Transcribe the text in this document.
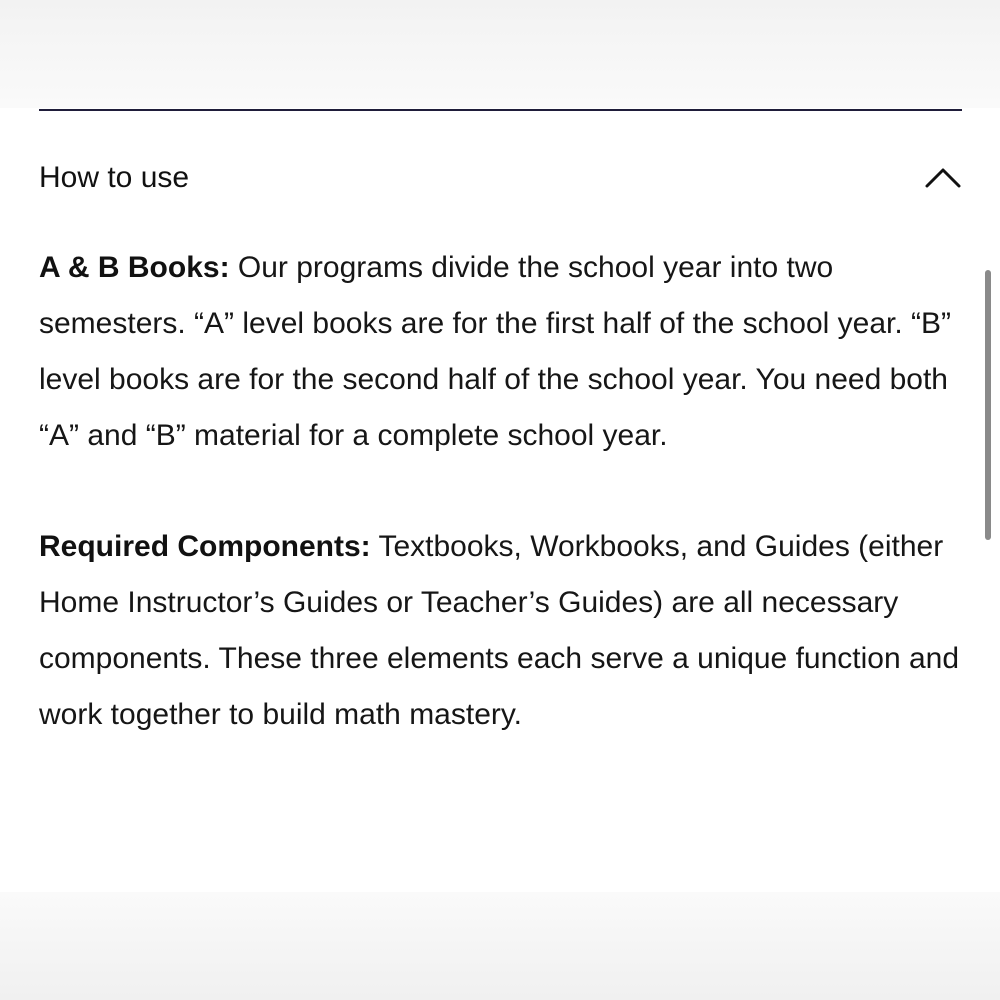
How to use

A & B Books: Our programs divide the school year into two semesters. “A” level books are for the first half of the school year. “B” level books are for the second half of the school year. You need both “A” and “B” material for a complete school year.

Required Components: Textbooks, Workbooks, and Guides (either Home Instructor’s Guides or Teacher’s Guides) are all necessary components. These three elements each serve a unique function and work together to build math mastery.
